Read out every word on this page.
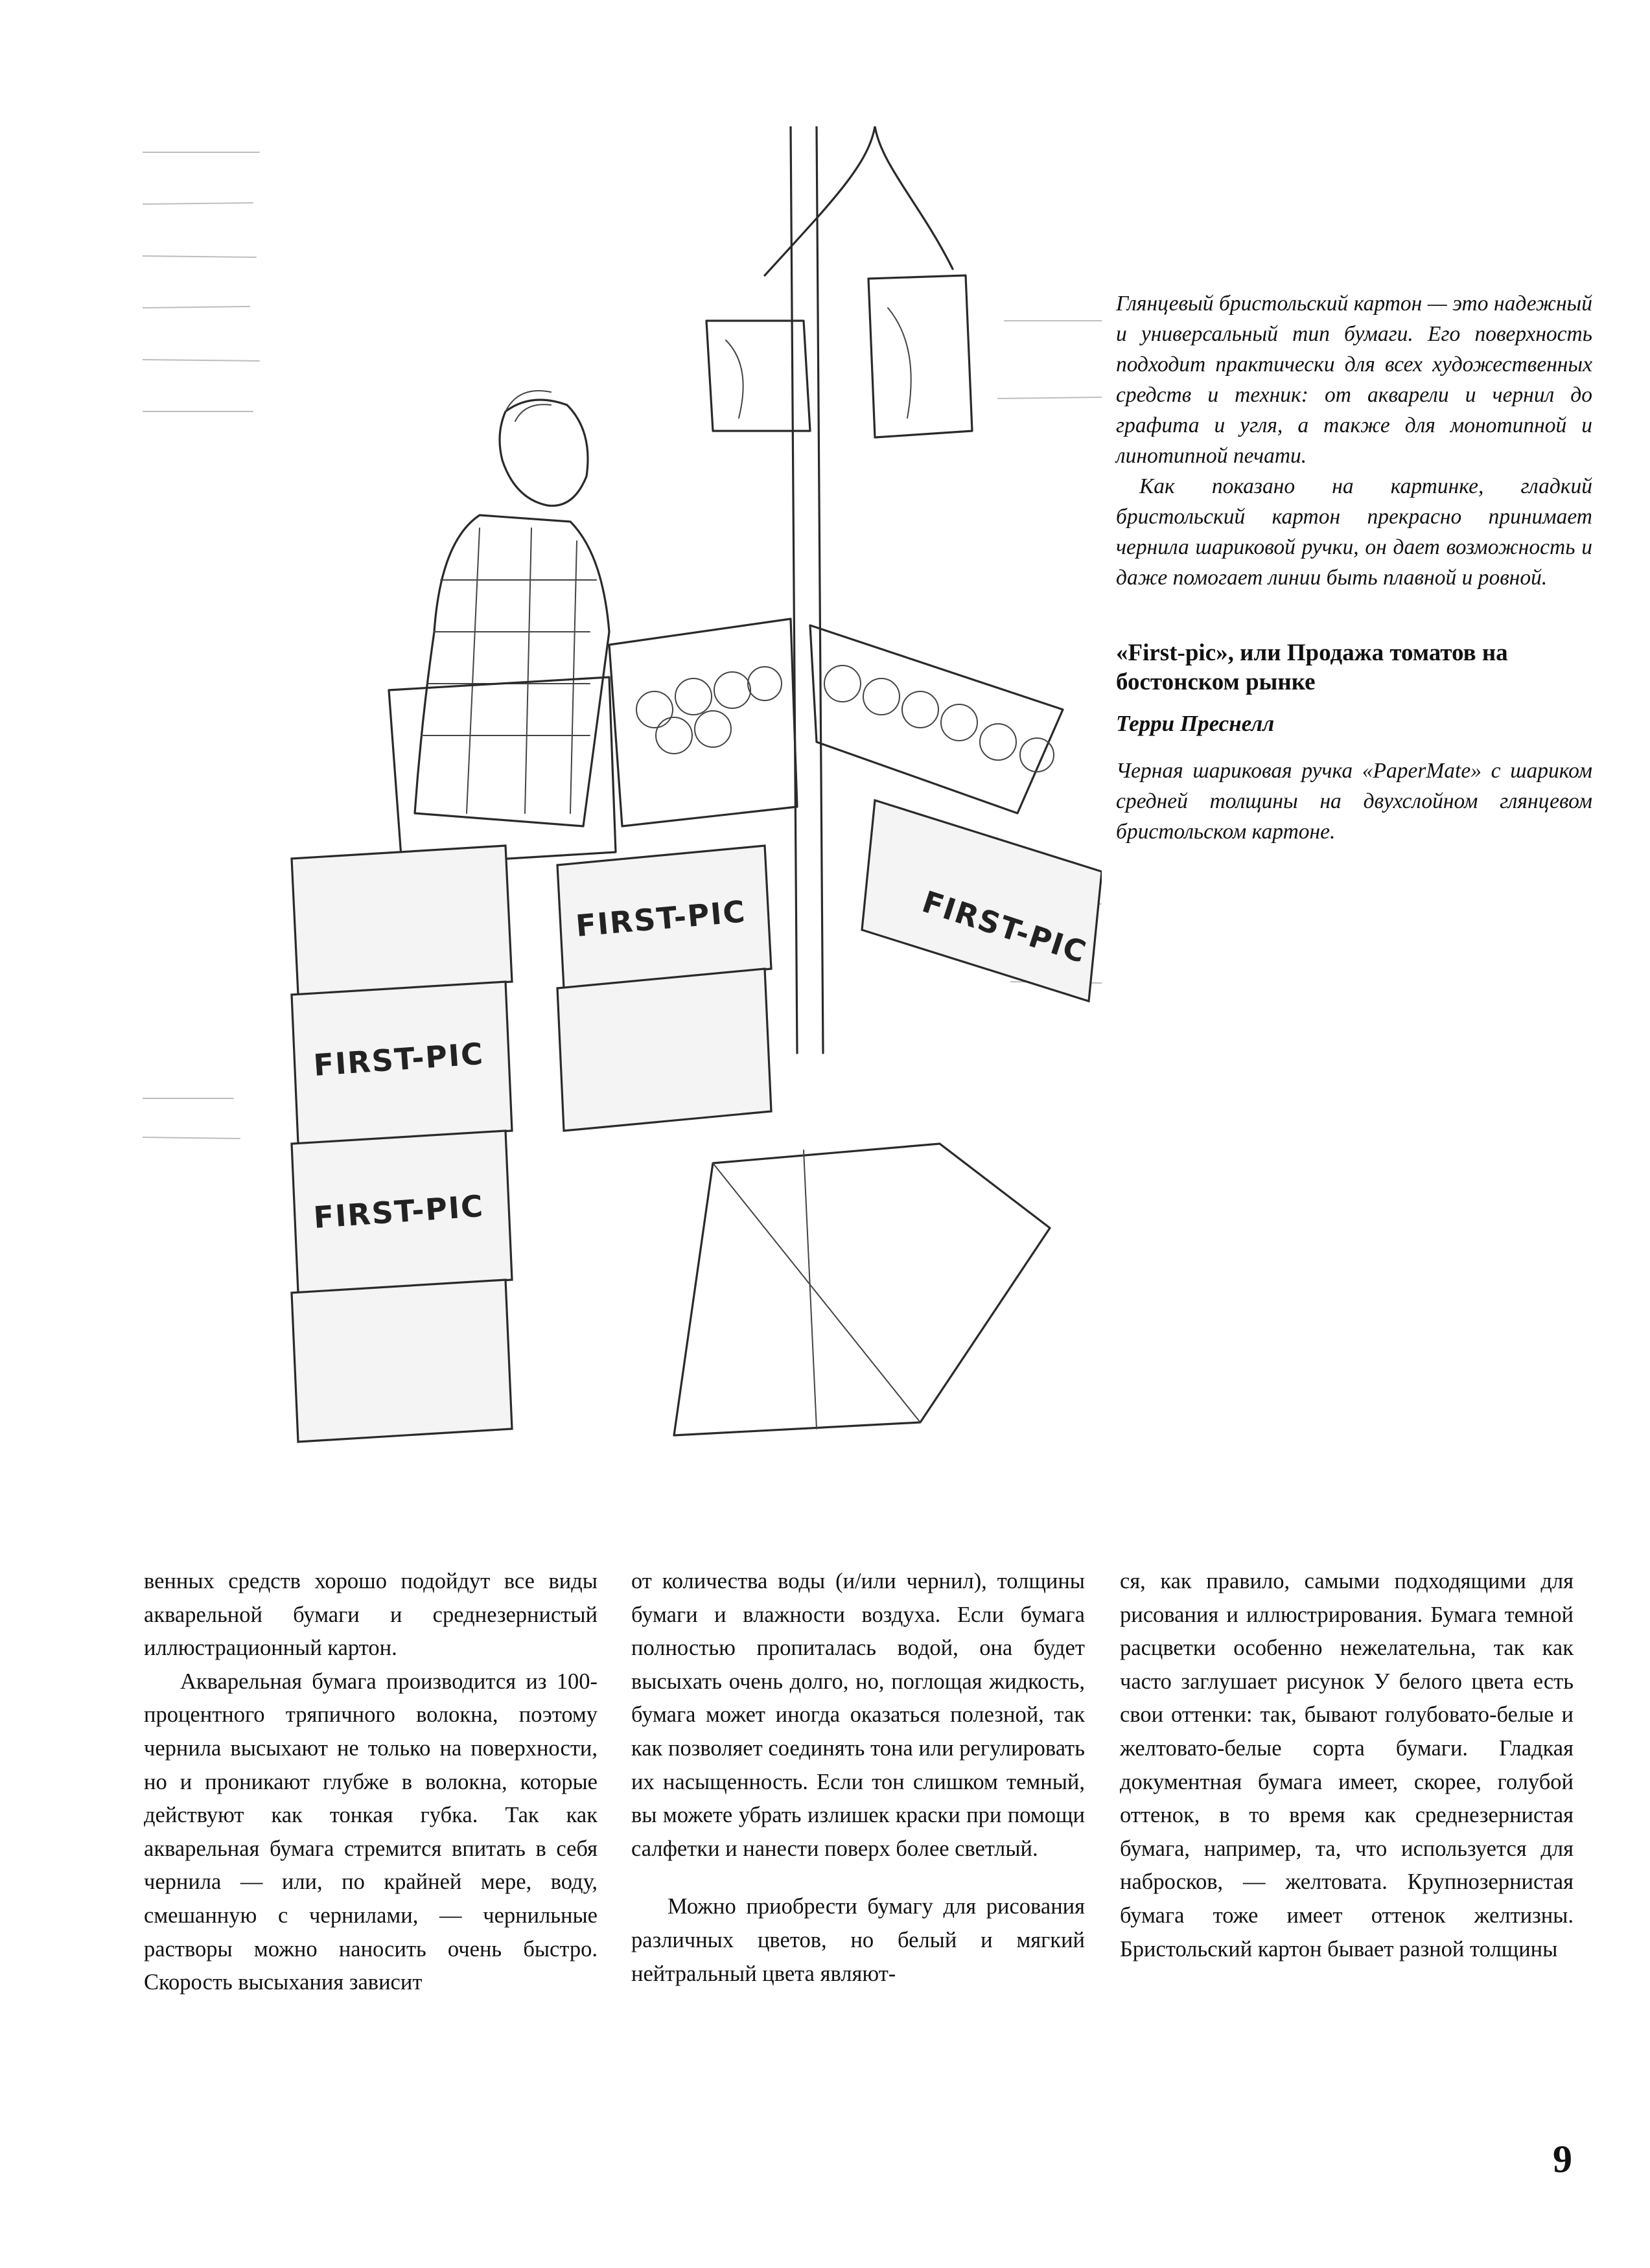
FIRST-PIC
FIRST-PIC
FIRST-PIC	FIRST-PIC

Глянцевый бристольский картон — это надежный и универсальный тип бумаги. Его поверхность подходит практически для всех художественных средств и техник: от акварели и чернил до графита и угля, а также для монотипной и линотипной печати.

Как показано на картинке, гладкий бристольский картон прекрасно принимает чернила шариковой ручки, он дает возможность и даже помогает линии быть плавной и ровной.

«First-pic», или Продажа томатов на бостонском рынке
Терри Преснелл

Черная шариковая ручка «PaperMate» с шариком средней толщины на двухслойном глянцевом бристольском картоне.

венных средств хорошо подойдут все виды акварельной бумаги и среднезернистый иллюстрационный картон.

Акварельная бумага производится из 100-процентного тряпичного волокна, поэтому чернила высыхают не только на поверхности, но и проникают глубже в волокна, которые действуют как тонкая губка. Так как акварельная бумага стремится впитать в себя чернила — или, по крайней мере, воду, смешанную с чернилами, — чернильные растворы можно наносить очень быстро. Скорость высыхания зависит

от количества воды (и/или чернил), толщины бумаги и влажности воздуха. Если бумага полностью пропиталась водой, она будет высыхать очень долго, но, поглощая жидкость, бумага может иногда оказаться полезной, так как позволяет соединять тона или регулировать их насыщенность. Если тон слишком темный, вы можете убрать излишек краски при помощи салфетки и нанести поверх более светлый.

Можно приобрести бумагу для рисования различных цветов, но белый и мягкий нейтральный цвета являют-

ся, как правило, самыми подходящими для рисования и иллюстрирования. Бумага темной расцветки особенно нежелательна, так как часто заглушает рисунок У белого цвета есть свои оттенки: так, бывают голубовато-белые и желтовато-белые сорта бумаги. Гладкая документная бумага имеет, скорее, голубой оттенок, в то время как среднезернистая бумага, например, та, что используется для набросков, — желтовата. Крупнозернистая бумага тоже имеет оттенок желтизны. Бристольский картон бывает разной толщины

9
